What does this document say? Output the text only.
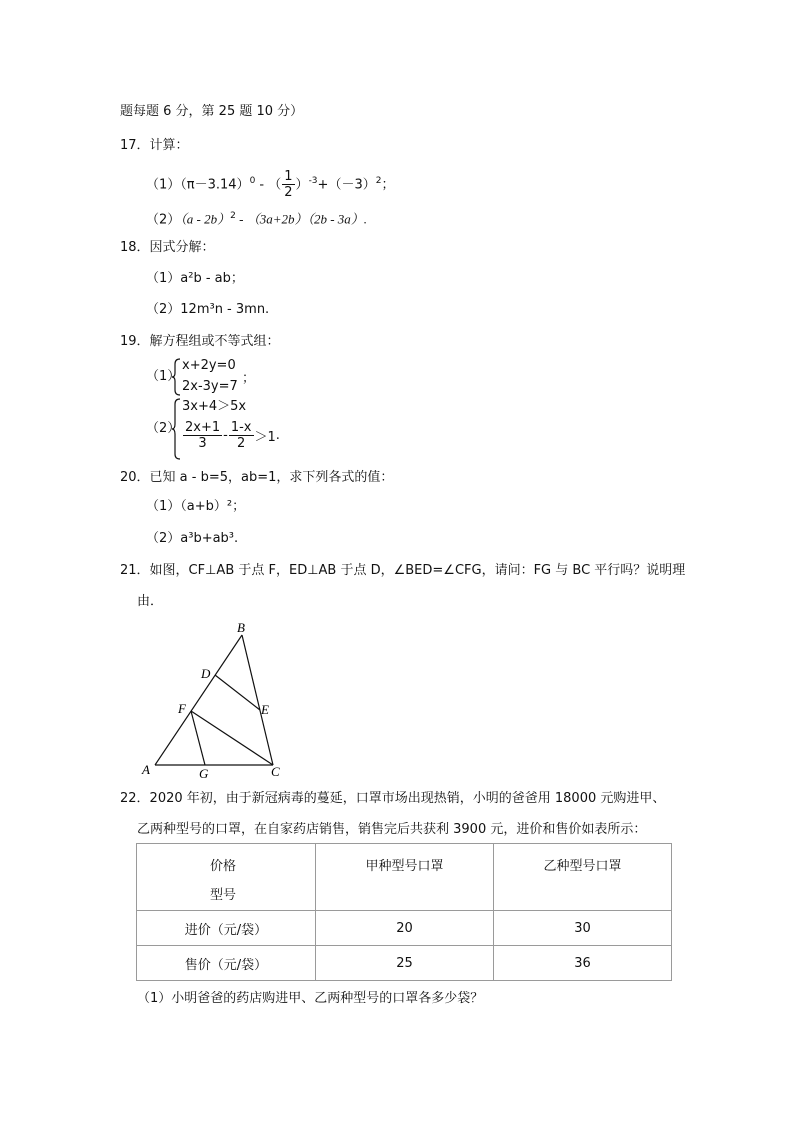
题每题 6 分，第 25 题 10 分）
17．计算：
$(1)(\pi-3.14)^0$ - （ $\frac{1}{2} )^{-3}+(-3)^2$；
（2）（a - 2b）$^2$ - （3a+2b）（2b - 3a）.
18．因式分解：
（1）a²b - ab；
（2）12m³n - 3mn.
19．解方程组或不等式组：
（1）
x+2y=0
2x-3y=7
；
（2）
3x+4＞5x
$\frac{2x+1}{3} - \frac{1-x}{2} >1$ .
20．已知 a - b=5，ab=1，求下列各式的值：
（1）（a+b）²；
（2）a³b+ab³.
21．如图，CF⊥AB 于点 F，ED⊥AB 于点 D，∠BED=∠CFG，请问：FG 与 BC 平行吗？说明理
由．
B
D
F	E
A	G	C
22．2020 年初，由于新冠病毒的蔓延，口罩市场出现热销，小明的爸爸用 18000 元购进甲、
乙两种型号的口罩，在自家药店销售，销售完后共获利 3900 元，进价和售价如表所示：
价格
型号	甲种型号口罩	乙种型号口罩
进价（元/袋）	20	30
售价（元/袋）	25	36
（1）小明爸爸的药店购进甲、乙两种型号的口罩各多少袋？
